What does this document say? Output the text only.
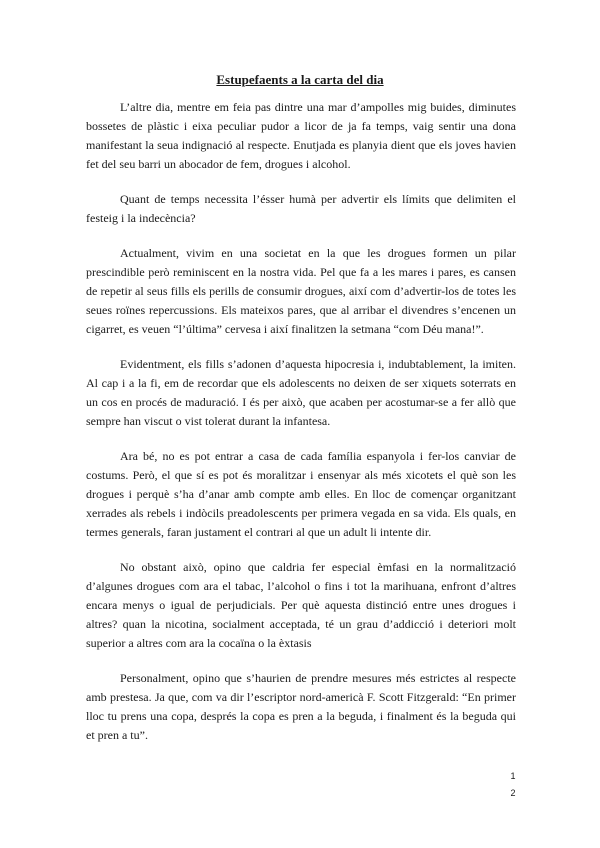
Estupefaents a la carta del dia

L’altre dia, mentre em feia pas dintre una mar d’ampolles mig buides, diminutes bossetes de plàstic i eixa peculiar pudor a licor de ja fa temps, vaig sentir una dona manifestant la seua indignació al respecte. Enutjada es planyia dient que els joves havien fet del seu barri un abocador de fem, drogues i alcohol.

Quant de temps necessita l’ésser humà per advertir els límits que delimiten el festeig i la indecència?

Actualment, vivim en una societat en la que les drogues formen un pilar prescindible però reminiscent en la nostra vida. Pel que fa a les mares i pares, es cansen de repetir al seus fills els perills de consumir drogues, així com d’advertir-los de totes les seues roïnes repercussions. Els mateixos pares, que al arribar el divendres s’encenen un cigarret, es veuen “l’última” cervesa i així finalitzen la setmana “com Déu mana!”.

Evidentment, els fills s’adonen d’aquesta hipocresia i, indubtablement, la imiten. Al cap i a la fi, em de recordar que els adolescents no deixen de ser xiquets soterrats en un cos en procés de maduració. I és per això, que acaben per acostumar-se a fer allò que sempre han viscut o vist tolerat durant la infantesa.

Ara bé, no es pot entrar a casa de cada família espanyola i fer-los canviar de costums. Però, el que sí es pot és moralitzar i ensenyar als més xicotets el què son les drogues i perquè s’ha d’anar amb compte amb elles. En lloc de començar organitzant xerrades als rebels i indòcils preadolescents per primera vegada en sa vida. Els quals, en termes generals, faran justament el contrari al que un adult li intente dir.

No obstant això, opino que caldria fer especial èmfasi en la normalització d’algunes drogues com ara el tabac, l’alcohol o fins i tot la marihuana, enfront d’altres encara menys o igual de perjudicials. Per què aquesta distinció entre unes drogues i altres? quan la nicotina, socialment acceptada, té un grau d’addicció i deteriori molt superior a altres com ara la cocaïna o la èxtasis

Personalment, opino que s’haurien de prendre mesures més estrictes al respecte amb prestesa. Ja que, com va dir l’escriptor nord-americà F. Scott Fitzgerald: “En primer lloc tu prens una copa, després la copa es pren a la beguda, i finalment és la beguda qui et pren a tu”.

1
2
